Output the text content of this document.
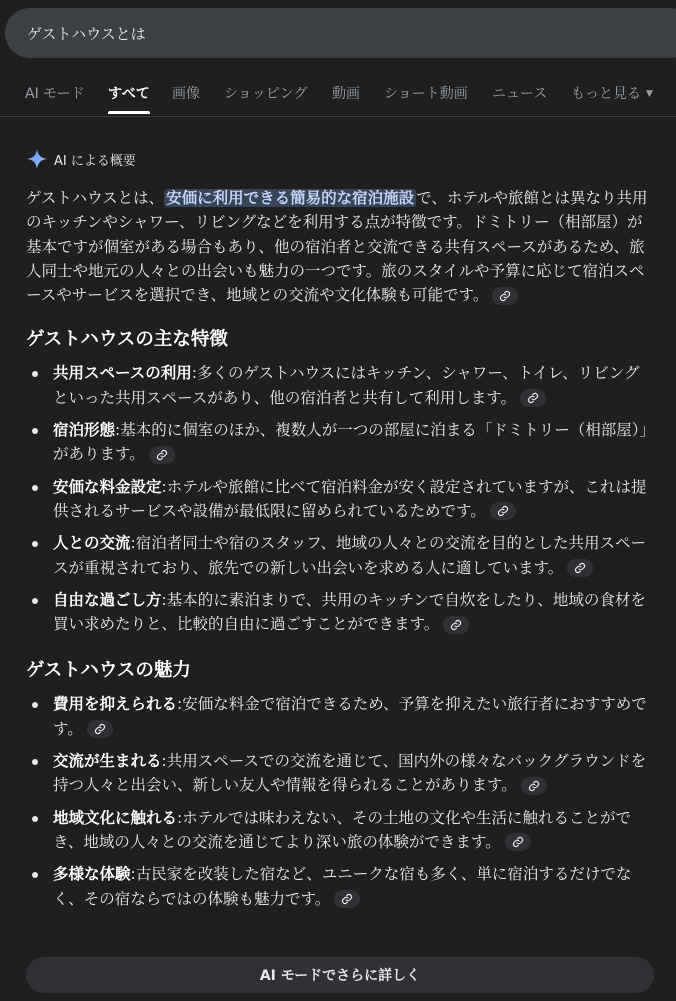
ゲストハウスとは
AI モード すべて 画像 ショッピング 動画 ショート動画 ニュース もっと見る ▼
AI による概要

ゲストハウスとは、 安価に利用できる簡易的な宿泊施設 で、ホテルや旅館とは異なり共用のキッチンやシャワー、リビングなどを利用する点が特徴です。ドミトリー（相部屋）が基本ですが個室がある場合もあり、他の宿泊者と交流できる共有スペースがあるため、旅人同士や地元の人々との出会いも魅力の一つです。旅のスタイルや予算に応じて宿泊スペースやサービスを選択でき、地域との交流や文化体験も可能です。

ゲストハウスの主な特徴
共用スペースの利用:多くのゲストハウスにはキッチン、シャワー、トイレ、リビングといった共用スペースがあり、他の宿泊者と共有して利用します。
宿泊形態:基本的に個室のほか、複数人が一つの部屋に泊まる「ドミトリー（相部屋）」があります。
安価な料金設定:ホテルや旅館に比べて宿泊料金が安く設定されていますが、これは提供されるサービスや設備が最低限に留められているためです。
人との交流:宿泊者同士や宿のスタッフ、地域の人々との交流を目的とした共用スペースが重視されており、旅先での新しい出会いを求める人に適しています。
自由な過ごし方:基本的に素泊まりで、共用のキッチンで自炊をしたり、地域の食材を買い求めたりと、比較的自由に過ごすことができます。
ゲストハウスの魅力
費用を抑えられる:安価な料金で宿泊できるため、予算を抑えたい旅行者におすすめです。
交流が生まれる:共用スペースでの交流を通じて、国内外の様々なバックグラウンドを持つ人々と出会い、新しい友人や情報を得られることがあります。
地域文化に触れる:ホテルでは味わえない、その土地の文化や生活に触れることができ、地域の人々との交流を通じてより深い旅の体験ができます。
多様な体験:古民家を改装した宿など、ユニークな宿も多く、単に宿泊するだけでなく、その宿ならではの体験も魅力です。
AI モードでさらに詳しく
